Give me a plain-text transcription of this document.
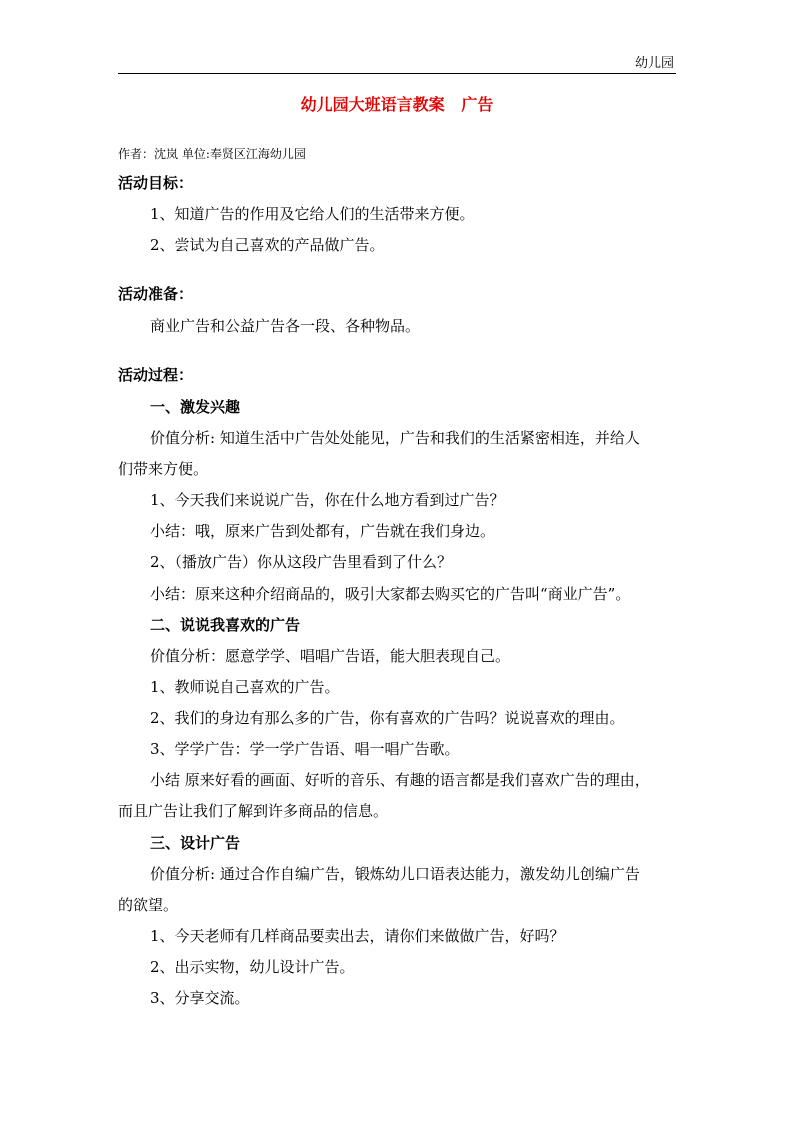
幼儿园
幼儿园大班语言教案   广告
作者：沈岚 单位:奉贤区江海幼儿园
活动目标：
1、知道广告的作用及它给人们的生活带来方便。
2、尝试为自己喜欢的产品做广告。
活动准备：
商业广告和公益广告各一段、各种物品。
活动过程：
一、激发兴趣
价值分析: 知道生活中广告处处能见，广告和我们的生活紧密相连，并给人
们带来方便。
1、今天我们来说说广告，你在什么地方看到过广告？
小结：哦，原来广告到处都有，广告就在我们身边。
2、（播放广告）你从这段广告里看到了什么？
小结：原来这种介绍商品的，吸引大家都去购买它的广告叫“商业广告”。
二、说说我喜欢的广告
价值分析：愿意学学、唱唱广告语，能大胆表现自己。
1、教师说自己喜欢的广告。
2、我们的身边有那么多的广告，你有喜欢的广告吗？说说喜欢的理由。
3、学学广告：学一学广告语、唱一唱广告歌。
小结 原来好看的画面、好听的音乐、有趣的语言都是我们喜欢广告的理由，
而且广告让我们了解到许多商品的信息。
三、设计广告
价值分析: 通过合作自编广告，锻炼幼儿口语表达能力，激发幼儿创编广告
的欲望。
1、今天老师有几样商品要卖出去，请你们来做做广告，好吗？
2、出示实物，幼儿设计广告。
3、分享交流。
